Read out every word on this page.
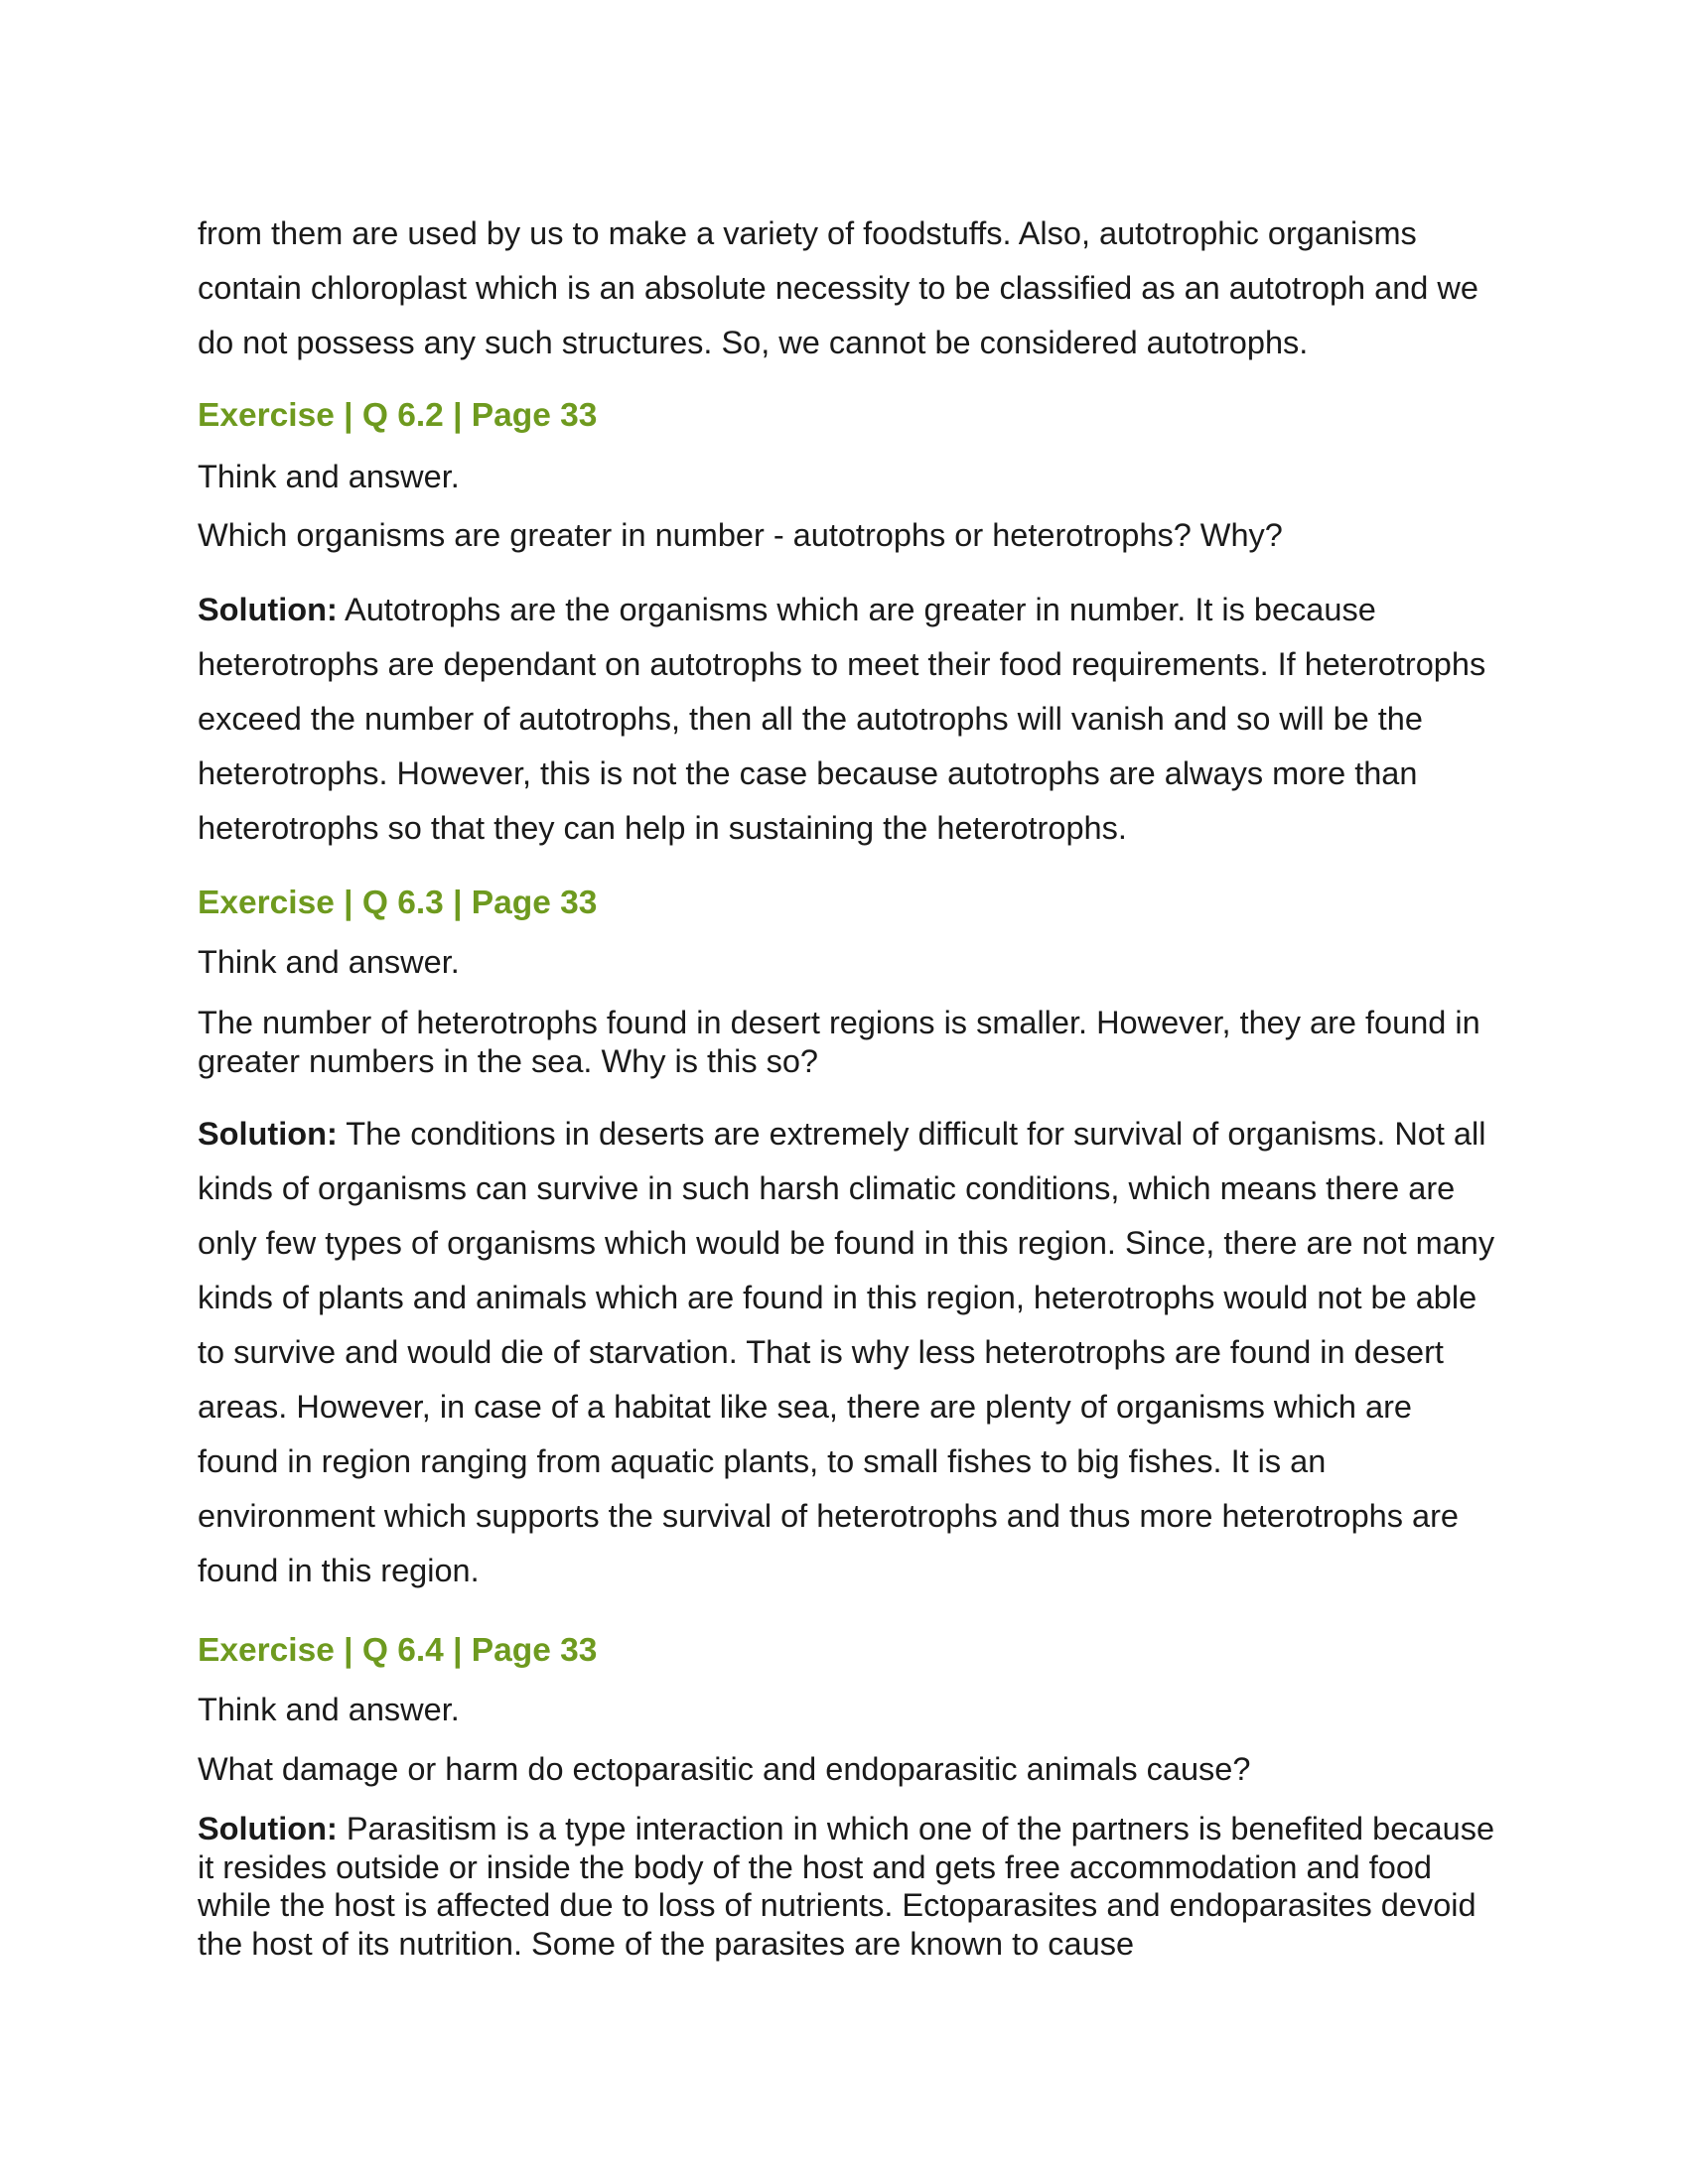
from them are used by us to make a variety of foodstuffs. Also, autotrophic organisms contain chloroplast which is an absolute necessity to be classified as an autotroph and we do not possess any such structures. So, we cannot be considered autotrophs.

Exercise | Q 6.2 | Page 33

Think and answer.

Which organisms are greater in number - autotrophs or heterotrophs? Why?

Solution: Autotrophs are the organisms which are greater in number. It is because heterotrophs are dependant on autotrophs to meet their food requirements. If heterotrophs exceed the number of autotrophs, then all the autotrophs will vanish and so will be the heterotrophs. However, this is not the case because autotrophs are always more than heterotrophs so that they can help in sustaining the heterotrophs.

Exercise | Q 6.3 | Page 33

Think and answer.

The number of heterotrophs found in desert regions is smaller. However, they are found in greater numbers in the sea. Why is this so?

Solution: The conditions in deserts are extremely difficult for survival of organisms. Not all kinds of organisms can survive in such harsh climatic conditions, which means there are only few types of organisms which would be found in this region. Since, there are not many kinds of plants and animals which are found in this region, heterotrophs would not be able to survive and would die of starvation. That is why less heterotrophs are found in desert areas. However, in case of a habitat like sea, there are plenty of organisms which are found in region ranging from aquatic plants, to small fishes to big fishes. It is an environment which supports the survival of heterotrophs and thus more heterotrophs are found in this region.

Exercise | Q 6.4 | Page 33

Think and answer.

What damage or harm do ectoparasitic and endoparasitic animals cause?

Solution: Parasitism is a type interaction in which one of the partners is benefited because it resides outside or inside the body of the host and gets free accommodation and food while the host is affected due to loss of nutrients. Ectoparasites and endoparasites devoid the host of its nutrition. Some of the parasites are known to cause
